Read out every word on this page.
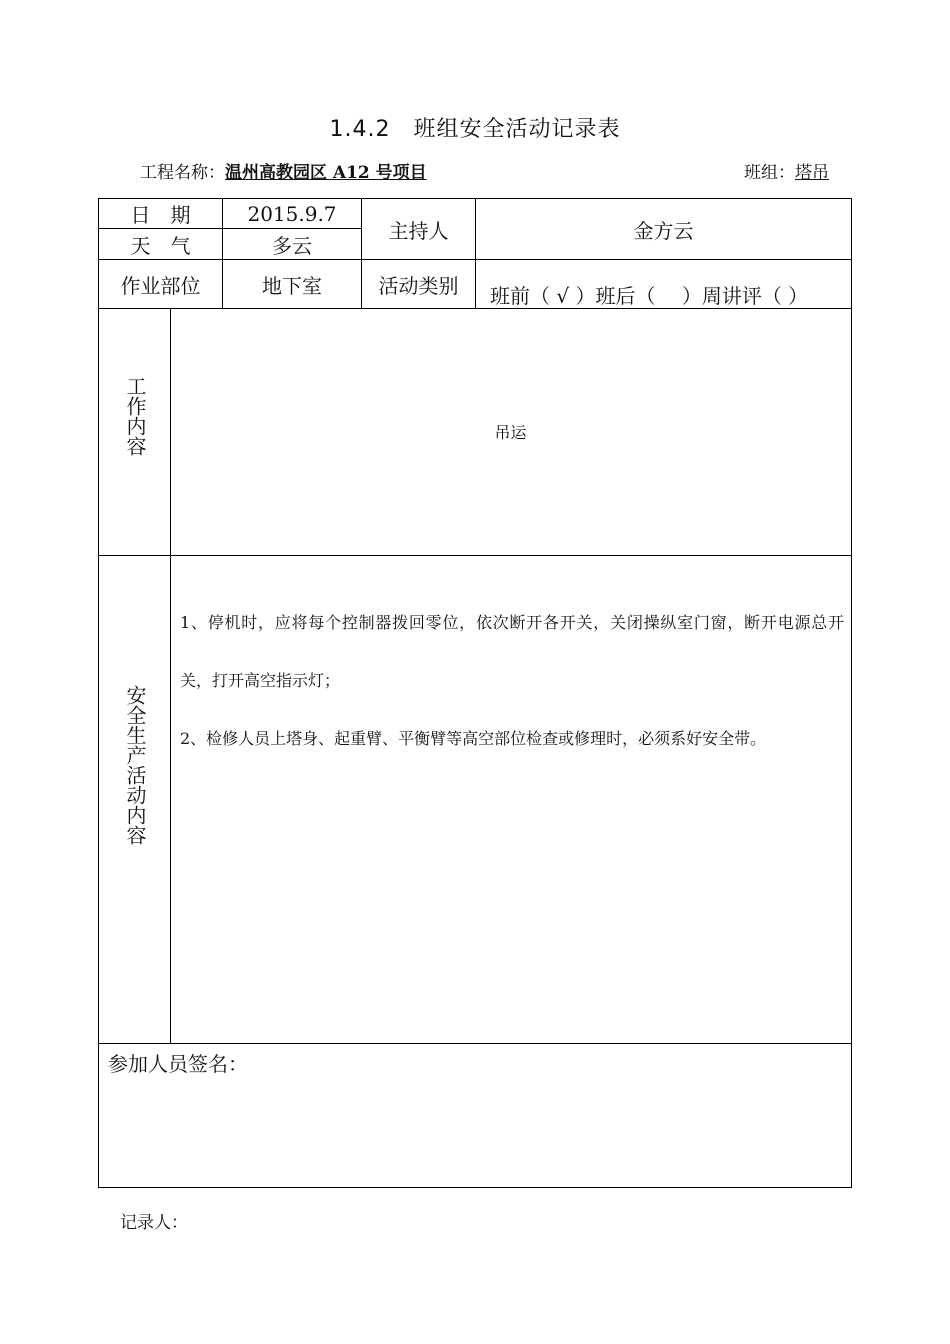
1.4.2　班组安全活动记录表
工程名称：温州高教园区 A12 号项目	班组：塔吊
日　期	2015.9.7
天　气	多云
主持人	金方云
作业部位	地下室	活动类别	班前（ √ ）班后（　 ）周讲评（ ）
工作内容	吊运
安全生产活动内容

1、停机时，应将每个控制器拨回零位，依次断开各开关，关闭操纵室门窗，断开电源总开关，打开高空指示灯；

2、检修人员上塔身、起重臂、平衡臂等高空部位检查或修理时，必须系好安全带。

参加人员签名：
记录人：
